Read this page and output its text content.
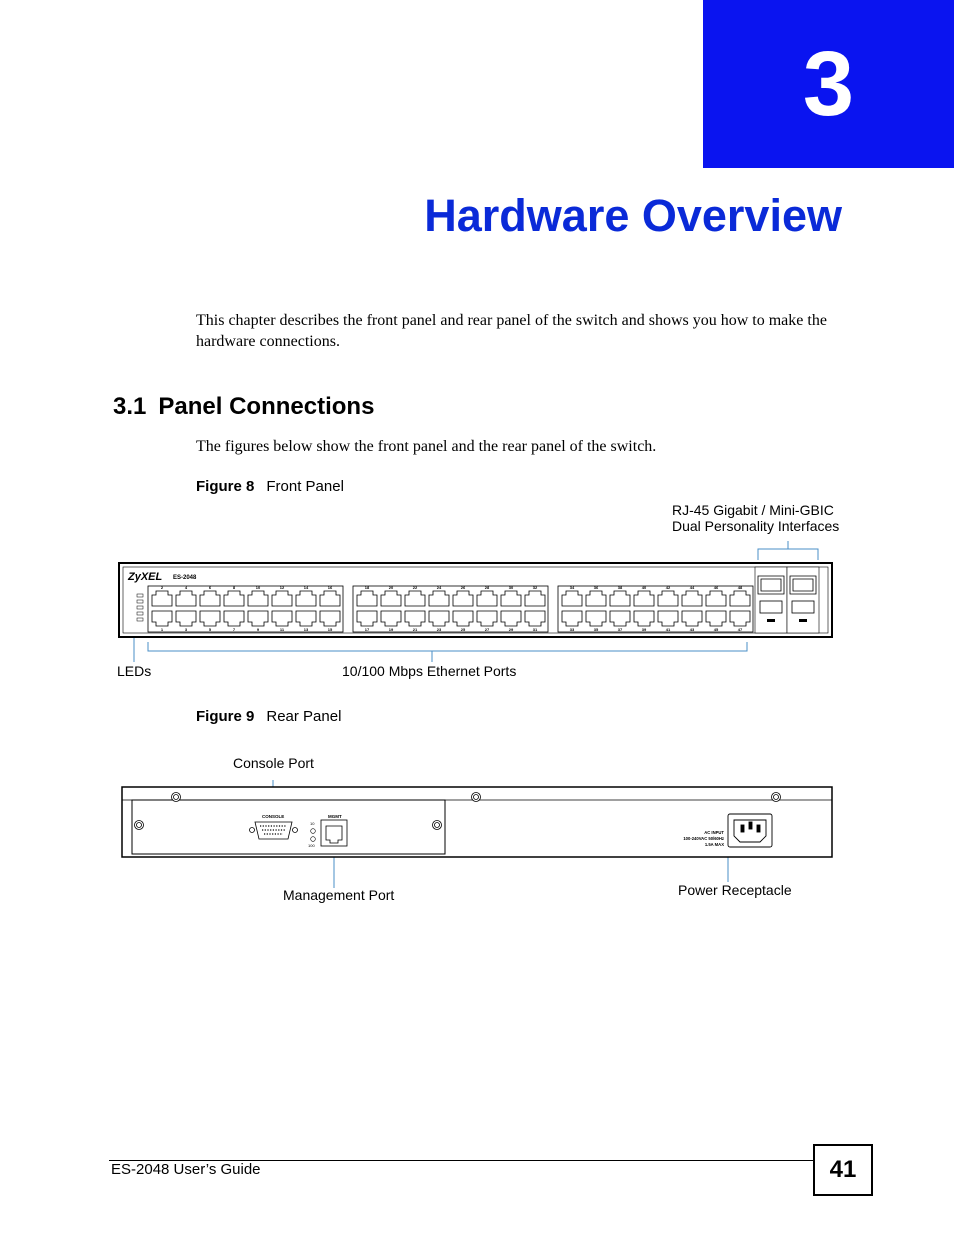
3
Hardware Overview
This chapter describes the front panel and rear panel of the switch and shows you how to make the hardware connections.
3.1 Panel Connections
The figures below show the front panel and the rear panel of the switch.
Figure 8 Front Panel
RJ-45 Gigabit / Mini-GBIC
Dual Personality Interfaces
ZyXEL ES-2048
2
1
4
3
6
5
8
7
10
9
12
11
14
13
16
15
18
17
20
19
22
21
24
23
26
25
28
27
30
29
32
31
34
33
36
35
38
37
40
39
42
41
44
43
46
45
48
47
LEDs	10/100 Mbps Ethernet Ports
Figure 9 Rear Panel
Console Port
CONSOLE	MGMT
10
100
AC INPUT
100-240VAC 50/60Hz
1.5A MAX
Management Port	Power Receptacle
ES-2048 User’s Guide	41
